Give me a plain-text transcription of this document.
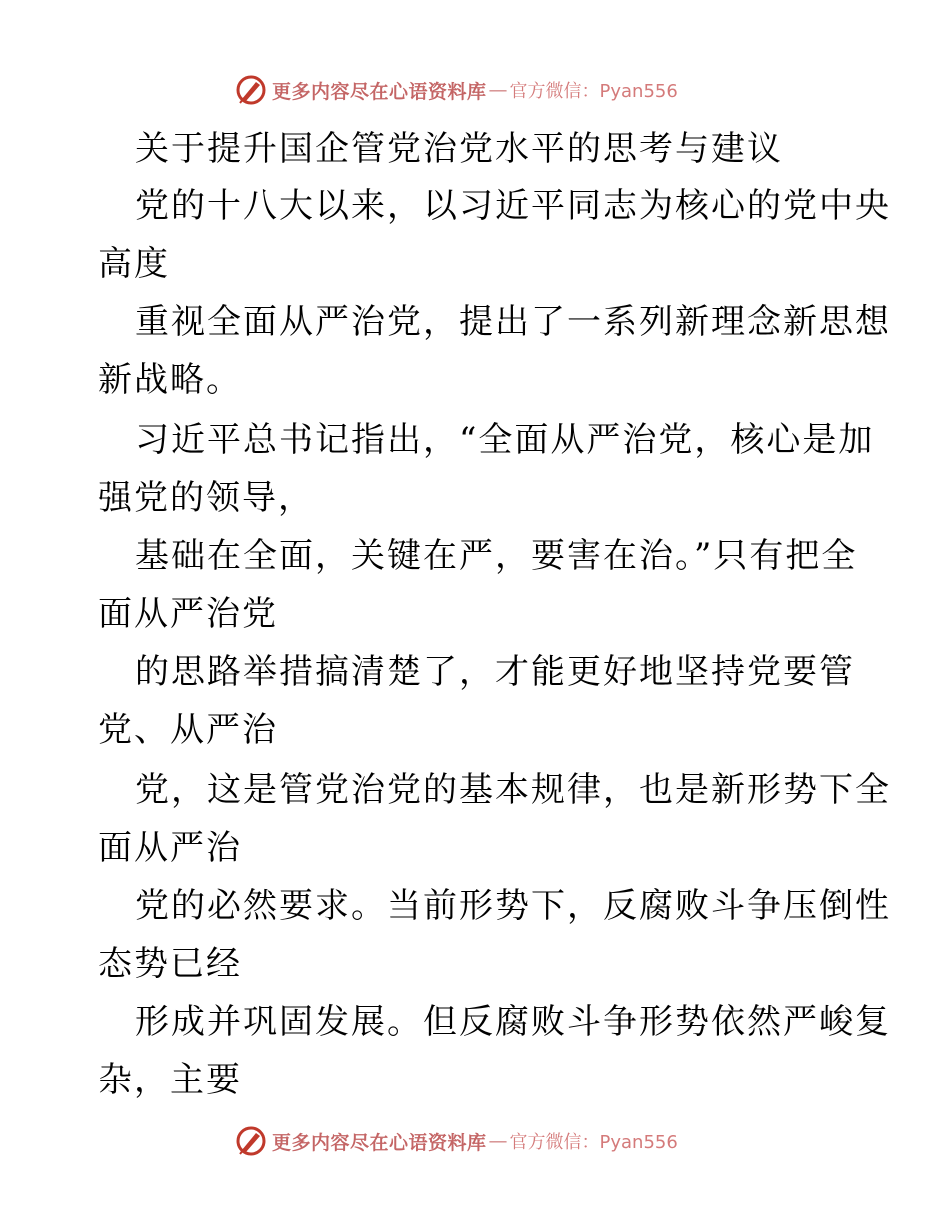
更多内容尽在心语资料库 — 官方微信：Pyan556
关于提升国企管党治党水平的思考与建议
党的十八大以来，以习近平同志为核心的党中央
高度
重视全面从严治党，提出了一系列新理念新思想
新战略。
习近平总书记指出，“全面从严治党，核心是加
强党的领导，
基础在全面，关键在严，要害在治。”只有把全
面从严治党
的思路举措搞清楚了，才能更好地坚持党要管
党、从严治
党，这是管党治党的基本规律，也是新形势下全
面从严治
党的必然要求。当前形势下，反腐败斗争压倒性
态势已经
形成并巩固发展。但反腐败斗争形势依然严峻复
杂，主要
更多内容尽在心语资料库 — 官方微信：Pyan556
